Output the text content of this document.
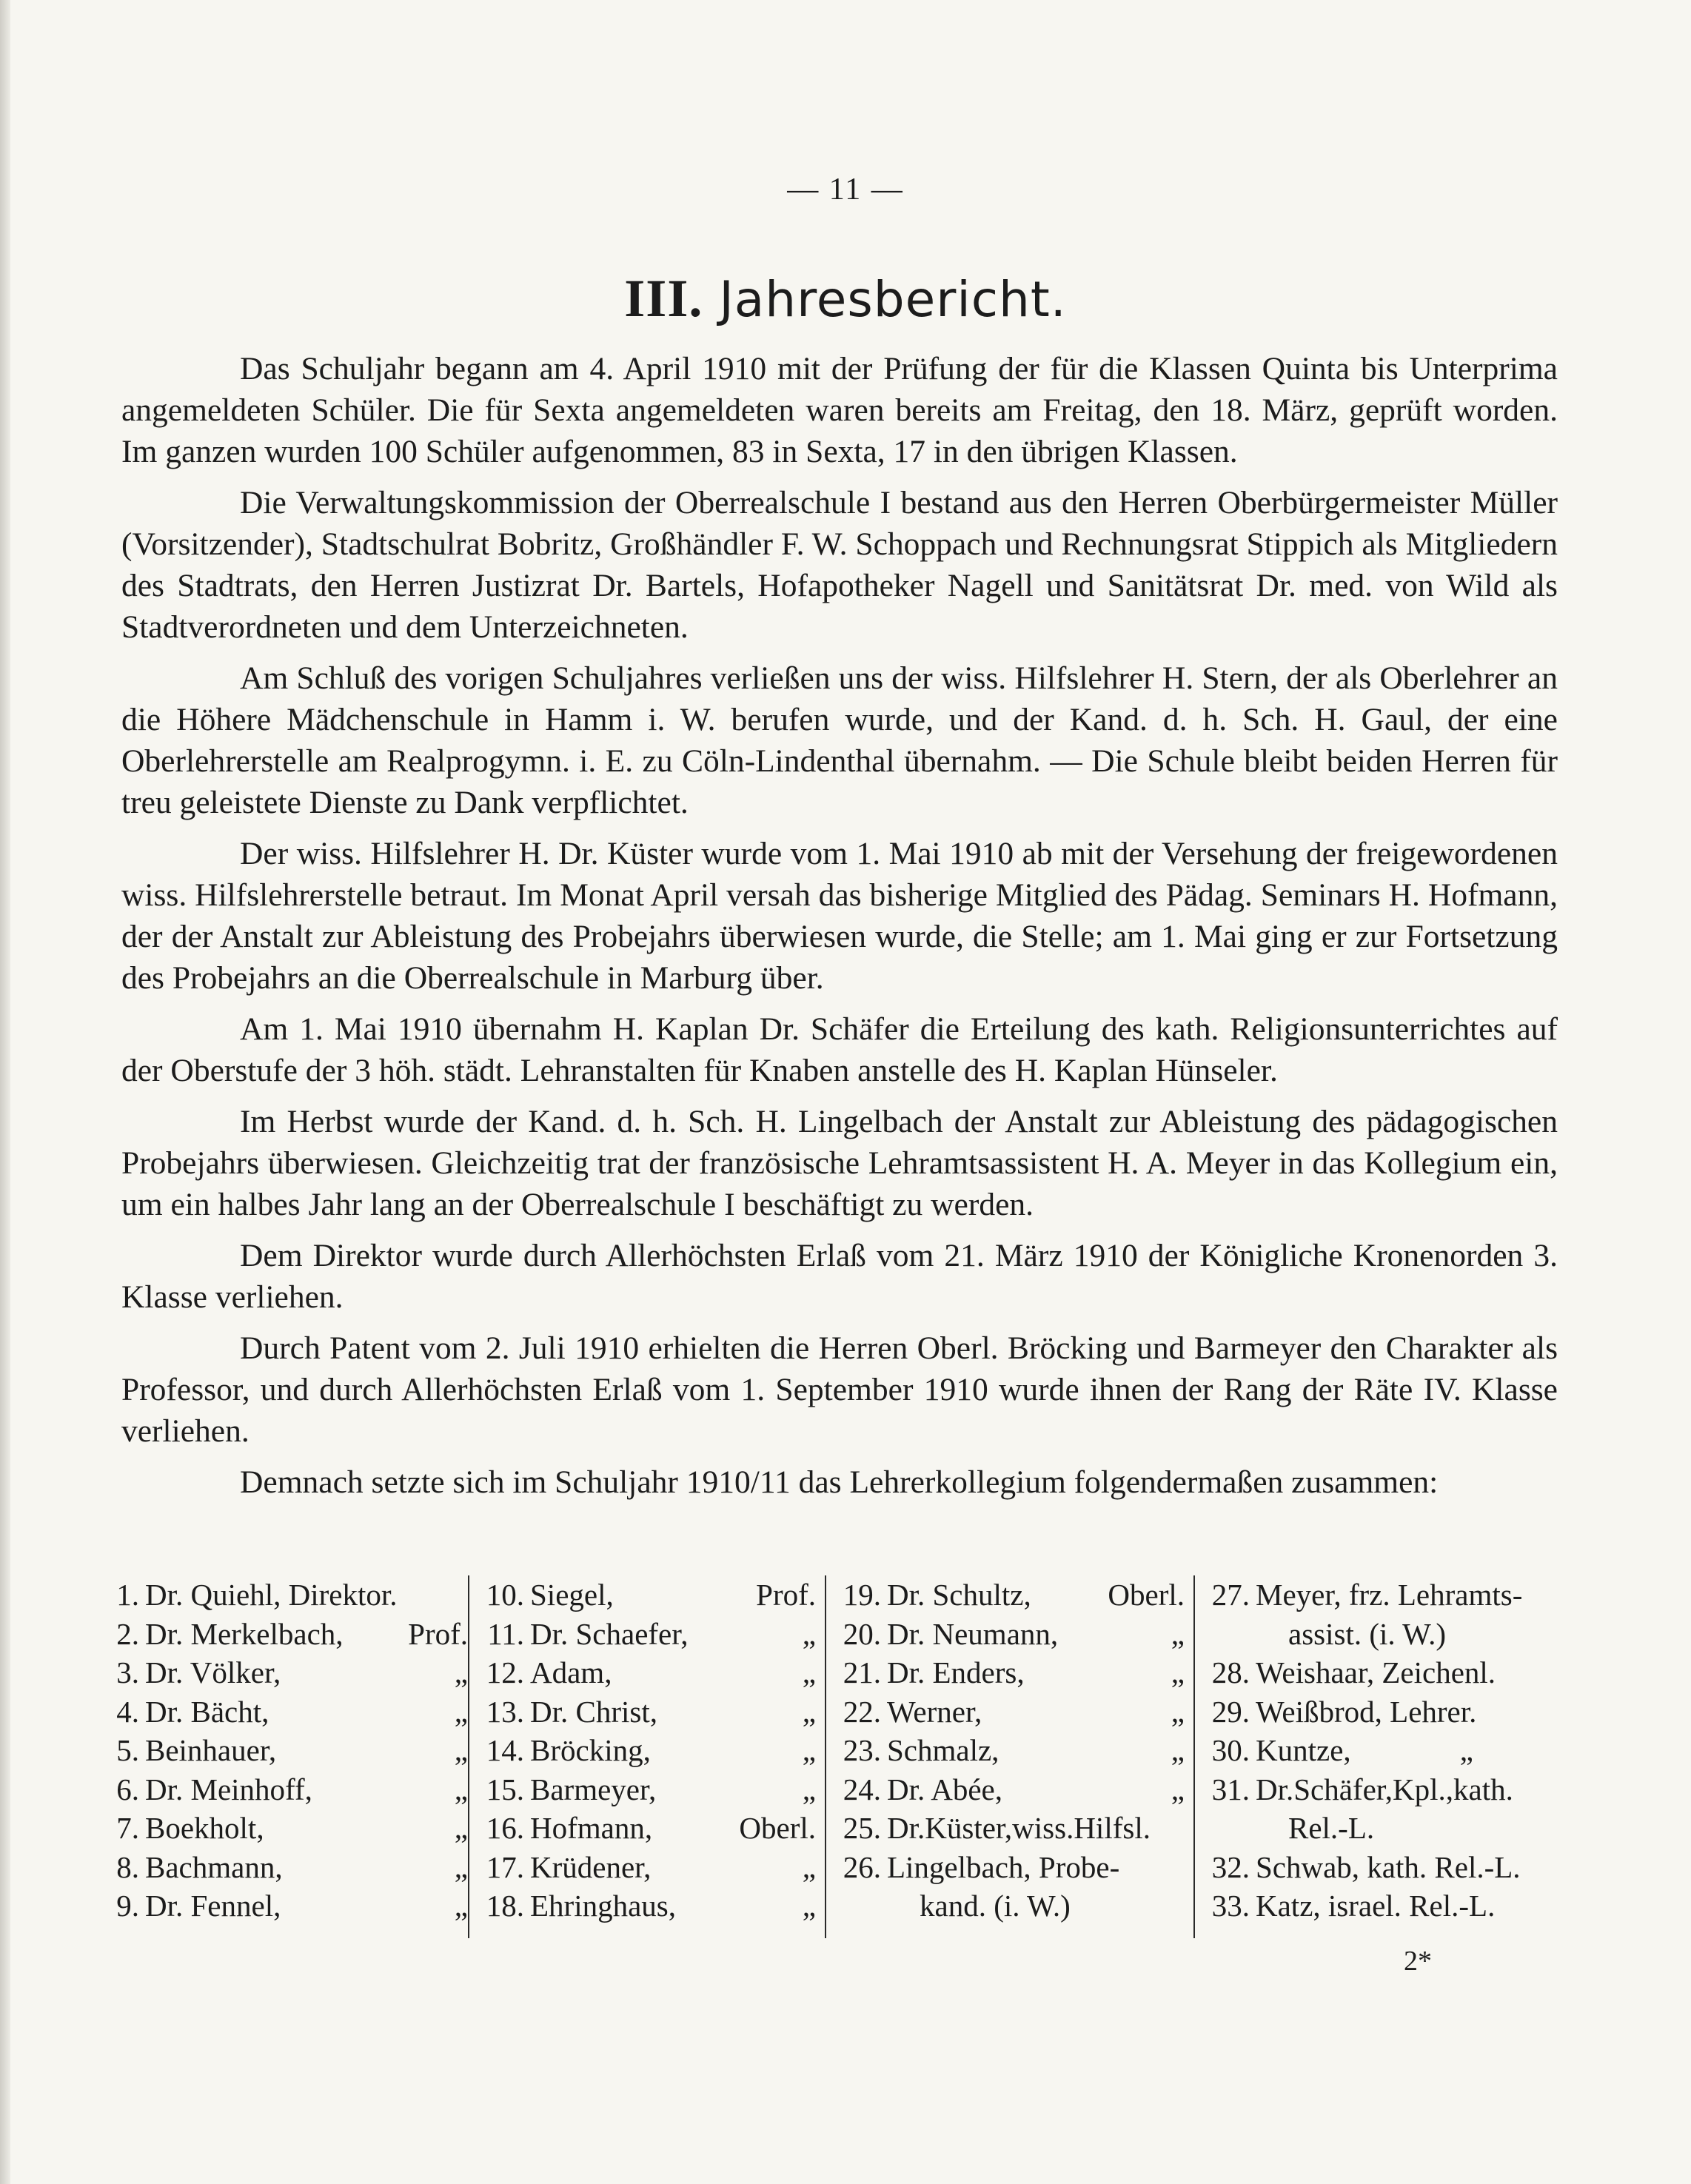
— 11 —
III. Jahresbericht.

Das Schuljahr begann am 4. April 1910 mit der Prüfung der für die Klassen Quinta bis Unterprima angemeldeten Schüler. Die für Sexta angemeldeten waren bereits am Freitag, den 18. März, geprüft worden. Im ganzen wurden 100 Schüler aufgenommen, 83 in Sexta, 17 in den übrigen Klassen.

Die Verwaltungskommission der Oberrealschule I bestand aus den Herren Oberbürgermeister Müller (Vorsitzender), Stadtschulrat Bobritz, Großhändler F. W. Schoppach und Rechnungsrat Stippich als Mitgliedern des Stadtrats, den Herren Justizrat Dr. Bartels, Hofapotheker Nagell und Sanitätsrat Dr. med. von Wild als Stadtverordneten und dem Unterzeichneten.

Am Schluß des vorigen Schuljahres verließen uns der wiss. Hilfslehrer H. Stern, der als Oberlehrer an die Höhere Mädchenschule in Hamm i. W. berufen wurde, und der Kand. d. h. Sch. H. Gaul, der eine Oberlehrerstelle am Realprogymn. i. E. zu Cöln-Lindenthal übernahm. — Die Schule bleibt beiden Herren für treu geleistete Dienste zu Dank verpflichtet.

Der wiss. Hilfslehrer H. Dr. Küster wurde vom 1. Mai 1910 ab mit der Versehung der freigewordenen wiss. Hilfslehrerstelle betraut. Im Monat April versah das bisherige Mitglied des Pädag. Seminars H. Hofmann, der der Anstalt zur Ableistung des Probejahrs überwiesen wurde, die Stelle; am 1. Mai ging er zur Fortsetzung des Probejahrs an die Oberrealschule in Marburg über.

Am 1. Mai 1910 übernahm H. Kaplan Dr. Schäfer die Erteilung des kath. Religionsunterrichtes auf der Oberstufe der 3 höh. städt. Lehranstalten für Knaben anstelle des H. Kaplan Hünseler.

Im Herbst wurde der Kand. d. h. Sch. H. Lingelbach der Anstalt zur Ableistung des pädagogischen Probejahrs überwiesen. Gleichzeitig trat der französische Lehramtsassistent H. A. Meyer in das Kollegium ein, um ein halbes Jahr lang an der Oberrealschule I beschäftigt zu werden.

Dem Direktor wurde durch Allerhöchsten Erlaß vom 21. März 1910 der Königliche Kronenorden 3. Klasse verliehen.

Durch Patent vom 2. Juli 1910 erhielten die Herren Oberl. Bröcking und Barmeyer den Charakter als Professor, und durch Allerhöchsten Erlaß vom 1. September 1910 wurde ihnen der Rang der Räte IV. Klasse verliehen.

Demnach setzte sich im Schuljahr 1910/11 das Lehrerkollegium folgendermaßen zusammen:

1. Dr. Quiehl, Direktor.
2. Dr. Merkelbach,	Prof.
3. Dr. Völker,	„
4. Dr. Bächt,	„
5. Beinhauer,	„
6. Dr. Meinhoff,	„
7. Boekholt,	„
8. Bachmann,	„
9. Dr. Fennel,	„
10. Siegel,	Prof.
11. Dr. Schaefer,	„
12. Adam,	„
13. Dr. Christ,	„
14. Bröcking,	„
15. Barmeyer,	„
16. Hofmann,	Oberl.
17. Krüdener,	„
18. Ehringhaus,	„
19. Dr. Schultz,	Oberl.
20. Dr. Neumann,	„
21. Dr. Enders,	„
22. Werner,	„
23. Schmalz,	„
24. Dr. Abée,	„
25. Dr.Küster,wiss.Hilfsl.
26. Lingelbach, Probe-
kand. (i. W.)
27. Meyer, frz. Lehramts-
assist. (i. W.)
28. Weishaar, Zeichenl.
29. Weißbrod, Lehrer.
30. Kuntze,	„
31. Dr.Schäfer,Kpl.,kath.
Rel.-L.
32. Schwab, kath. Rel.-L.
33. Katz, israel. Rel.-L.
2*
